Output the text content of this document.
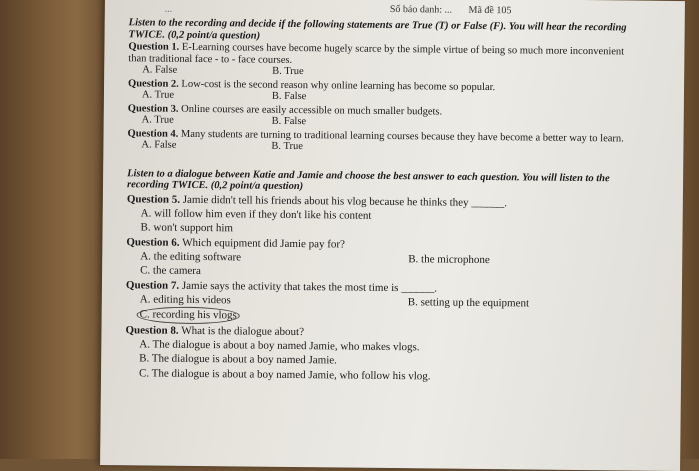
...	Số báo danh: ... Mã đề 105

Listen to the recording and decide if the following statements are True (T) or False (F). You will hear the recording TWICE. (0,2 point/a question)

Question 1. E-Learning courses have become hugely scarce by the simple virtue of being so much more inconvenient than traditional face - to - face courses.

A. False	B. True

Question 2. Low-cost is the second reason why online learning has become so popular.

A. True	B. False

Question 3. Online courses are easily accessible on much smaller budgets.

A. True	B. False

Question 4. Many students are turning to traditional learning courses because they have become a better way to learn.

A. False	B. True

Listen to a dialogue between Katie and Jamie and choose the best answer to each question. You will listen to the recording TWICE. (0,2 point/a question)

Question 5. Jamie didn't tell his friends about his vlog because he thinks they ______.

A. will follow him even if they don't like his content

B. won't support him

Question 6. Which equipment did Jamie pay for?

A. the editing software	B. the microphone

C. the camera

Question 7. Jamie says the activity that takes the most time is ______.

A. editing his videos	B. setting up the equipment

C. recording his vlogs

Question 8. What is the dialogue about?

A. The dialogue is about a boy named Jamie, who makes vlogs.

B. The dialogue is about a boy named Jamie.

C. The dialogue is about a boy named Jamie, who follow his vlog.
